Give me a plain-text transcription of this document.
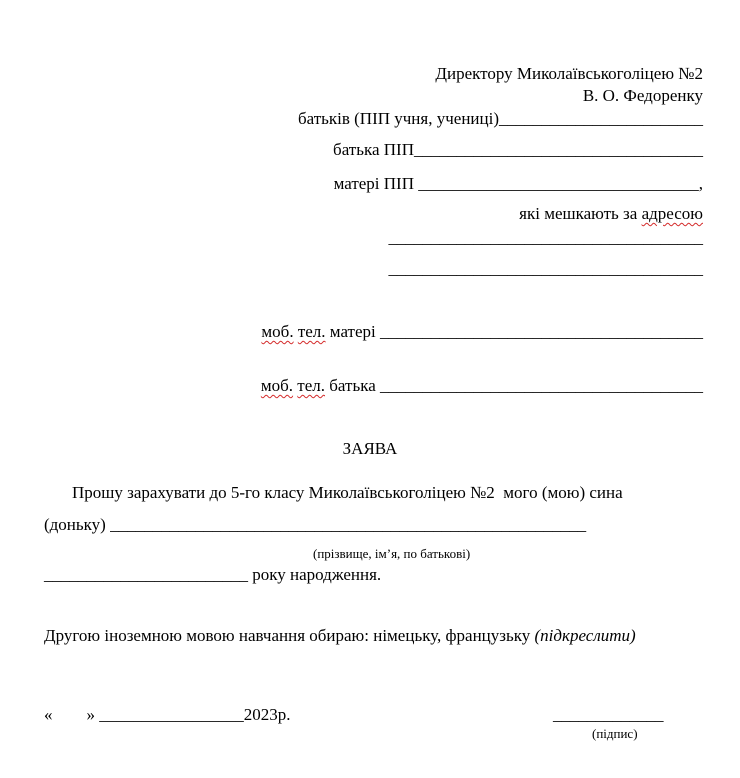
Директору Миколаївськоголіцею №2
В. О. Федоренку
батьків (ПІП учня, учениці)________________________
батька ПІП__________________________________
матері ПІП _________________________________,
які мешкають за адресою
_____________________________________
_____________________________________
моб. тел. матері ______________________________________
моб. тел. батька ______________________________________
ЗАЯВА
Прошу зарахувати до 5-го класу Миколаївськоголіцею №2  мого (мою) сина
(доньку) ________________________________________________________
(прізвище, ім’я, по батькові)
________________________ року народження.
Другою іноземною мовою навчання обираю: німецьку, французьку (підкреслити)
«        » _________________2023р.	_____________
(підпис)
